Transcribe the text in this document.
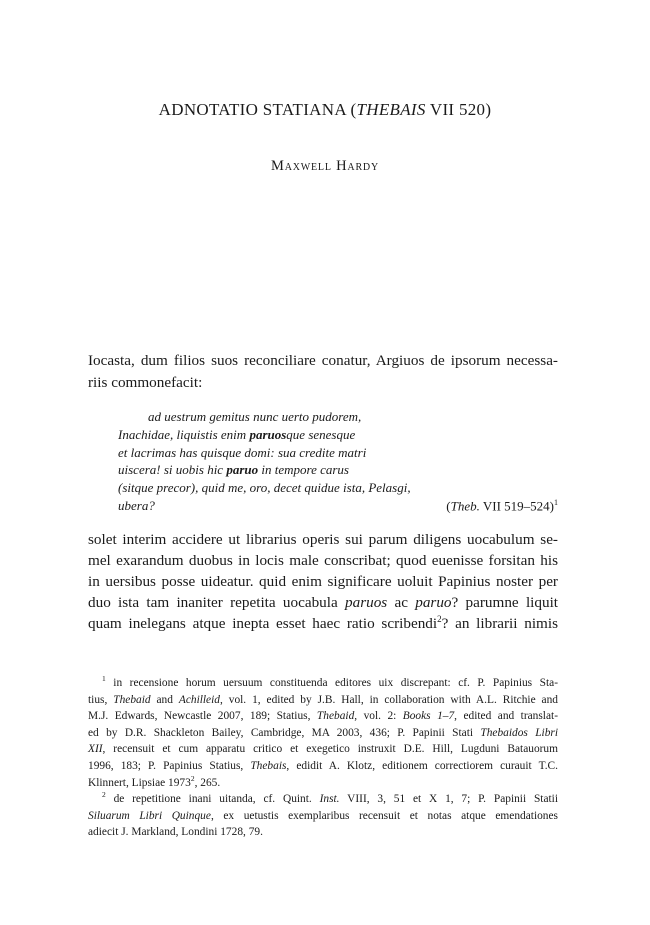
ADNOTATIO STATIANA (THEBAIS VII 520)
Maxwell Hardy

Iocasta, dum filios suos reconciliare conatur, Argiuos de ipsorum necessa-
riis commonefacit:

ad uestrum gemitus nunc uerto pudorem,
Inachidae, liquistis enim paruosque senesque
et lacrimas has quisque domi: sua credite matri
uiscera! si uobis hic paruo in tempore carus
(sitque precor), quid me, oro, decet quidue ista, Pelasgi,
ubera?	(Theb. VII 519–524)$^1$

solet interim accidere ut librarius operis sui parum diligens uocabulum se-
mel exarandum duobus in locis male conscribat; quod euenisse forsitan his
in uersibus posse uideatur. quid enim significare uoluit Papinius noster per
duo ista tam inaniter repetita uocabula paruos ac paruo? parumne liquit
quam inelegans atque inepta esset haec ratio scribendi$^2$? an librarii nimis

$^1$ in recensione horum uersuum constituenda editores uix discrepant: cf. P. Papinius Sta-
tius, Thebaid and Achilleid, vol. 1, edited by J.B. Hall, in collaboration with A.L. Ritchie and
M.J. Edwards, Newcastle 2007, 189; Statius, Thebaid, vol. 2: Books 1–7, edited and translat-
ed by D.R. Shackleton Bailey, Cambridge, MA 2003, 436; P. Papinii Stati Thebaidos Libri
XII, recensuit et cum apparatu critico et exegetico instruxit D.E. Hill, Lugduni Batauorum
1996, 183; P. Papinius Statius, Thebais, edidit A. Klotz, editionem correctiorem curauit T.C.
Klinnert, Lipsiae 1973$^2$, 265.
$^2$ de repetitione inani uitanda, cf. Quint. Inst. VIII, 3, 51 et X 1, 7; P. Papinii Statii
Siluarum Libri Quinque, ex uetustis exemplaribus recensuit et notas atque emendationes
adiecit J. Markland, Londini 1728, 79.
